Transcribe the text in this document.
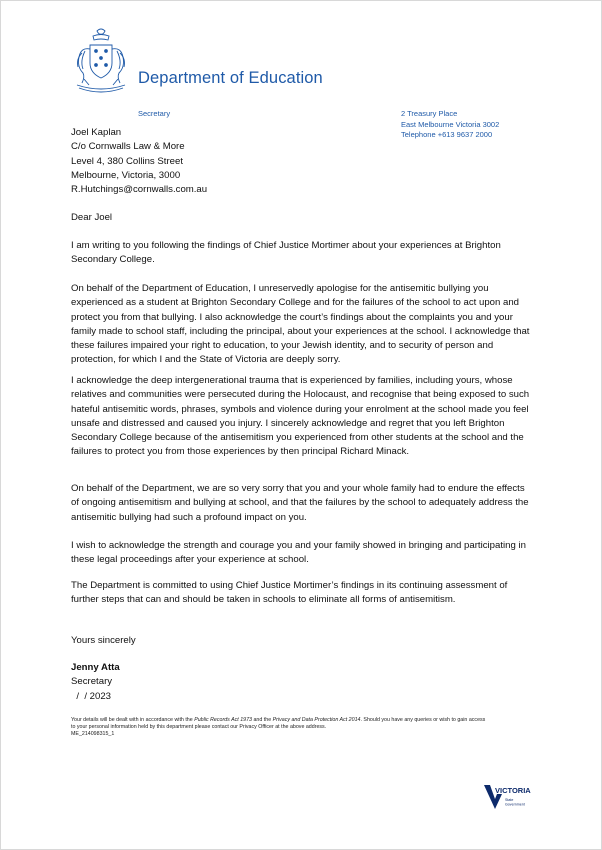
Department of Education
Secretary	2 Treasury Place
East Melbourne Victoria 3002
Telephone +613 9637 2000
Joel Kaplan
C/o Cornwalls Law & More
Level 4, 380 Collins Street
Melbourne, Victoria, 3000
R.Hutchings@cornwalls.com.au
Dear Joel

I am writing to you following the findings of Chief Justice Mortimer about your experiences at Brighton Secondary College.

On behalf of the Department of Education, I unreservedly apologise for the antisemitic bullying you experienced as a student at Brighton Secondary College and for the failures of the school to act upon and protect you from that bullying. I also acknowledge the court’s findings about the complaints you and your family made to school staff, including the principal, about your experiences at the school. I acknowledge that these failures impaired your right to education, to your Jewish identity, and to security of person and protection, for which I and the State of Victoria are deeply sorry.

I acknowledge the deep intergenerational trauma that is experienced by families, including yours, whose relatives and communities were persecuted during the Holocaust, and recognise that being exposed to such hateful antisemitic words, phrases, symbols and violence during your enrolment at the school made you feel unsafe and distressed and caused you injury. I sincerely acknowledge and regret that you left Brighton Secondary College because of the antisemitism you experienced from other students at the school and the failures to protect you from those experiences by then principal Richard Minack.

On behalf of the Department, we are so very sorry that you and your whole family had to endure the effects of ongoing antisemitism and bullying at school, and that the failures by the school to adequately address the antisemitic bullying had such a profound impact on you.

I wish to acknowledge the strength and courage you and your family showed in bringing and participating in these legal proceedings after your experience at school.

The Department is committed to using Chief Justice Mortimer’s findings in its continuing assessment of further steps that can and should be taken in schools to eliminate all forms of antisemitism.

Yours sincerely
Jenny Atta
Secretary
/  / 2023
Your details will be dealt with in accordance with the Public Records Act 1973 and the Privacy and Data Protection Act 2014. Should you have any queries or wish to gain access to your personal information held by this department please contact our Privacy Officer at the above address.
ME_214098315_1
VICTORIA
State
Government
